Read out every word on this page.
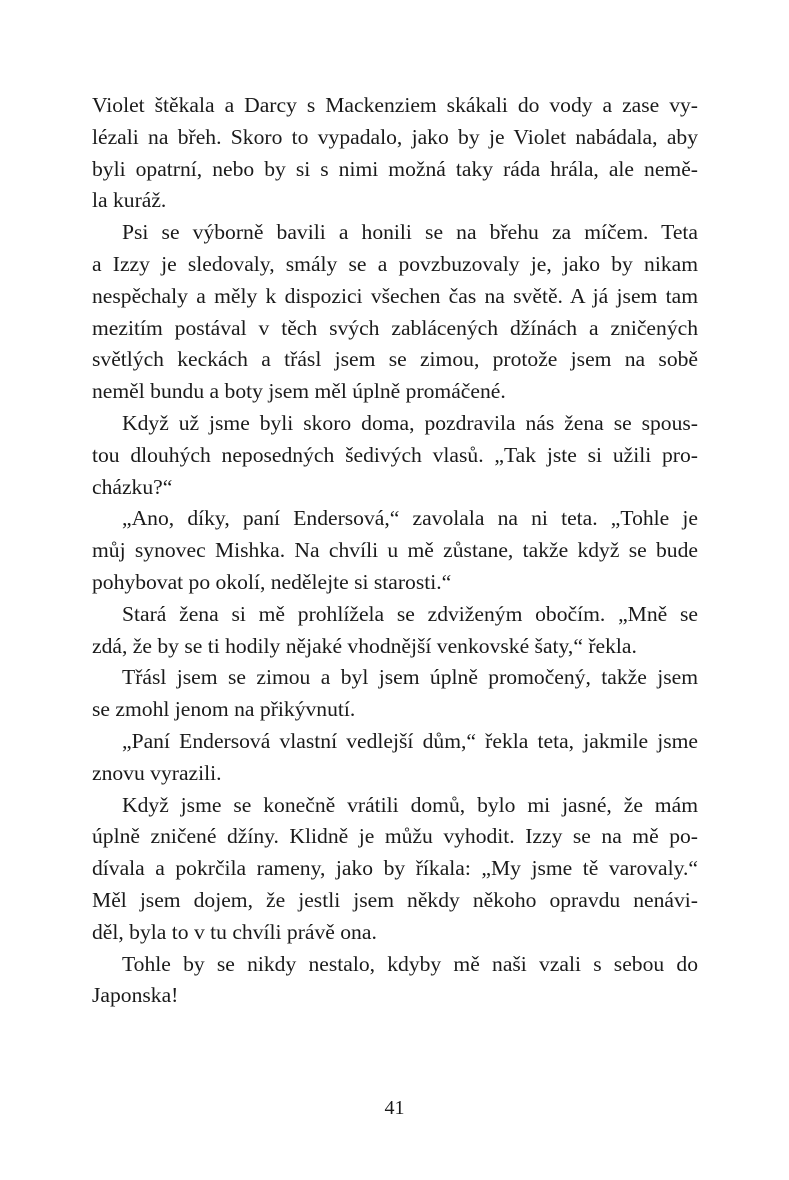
Violet štěkala a Darcy s Mackenziem skákali do vody a zase vy-
lézali na břeh. Skoro to vypadalo, jako by je Violet nabádala, aby
byli opatrní, nebo by si s nimi možná taky ráda hrála, ale nemě-
la kuráž.

Psi se výborně bavili a honili se na břehu za míčem. Teta
a Izzy je sledovaly, smály se a povzbuzovaly je, jako by nikam
nespěchaly a měly k dispozici všechen čas na světě. A já jsem tam
mezitím postával v těch svých zablácených džínách a zničených
světlých keckách a třásl jsem se zimou, protože jsem na sobě
neměl bundu a boty jsem měl úplně promáčené.

Když už jsme byli skoro doma, pozdravila nás žena se spous-
tou dlouhých neposedných šedivých vlasů. „Tak jste si užili pro-
cházku?“

„Ano, díky, paní Endersová,“ zavolala na ni teta. „Tohle je
můj synovec Mishka. Na chvíli u mě zůstane, takže když se bude
pohybovat po okolí, nedělejte si starosti.“

Stará žena si mě prohlížela se zdviženým obočím. „Mně se
zdá, že by se ti hodily nějaké vhodnější venkovské šaty,“ řekla.

Třásl jsem se zimou a byl jsem úplně promočený, takže jsem
se zmohl jenom na přikývnutí.

„Paní Endersová vlastní vedlejší dům,“ řekla teta, jakmile jsme
znovu vyrazili.

Když jsme se konečně vrátili domů, bylo mi jasné, že mám
úplně zničené džíny. Klidně je můžu vyhodit. Izzy se na mě po-
dívala a pokrčila rameny, jako by říkala: „My jsme tě varovaly.“
Měl jsem dojem, že jestli jsem někdy někoho opravdu nenávi-
děl, byla to v tu chvíli právě ona.

Tohle by se nikdy nestalo, kdyby mě naši vzali s sebou do
Japonska!

41
